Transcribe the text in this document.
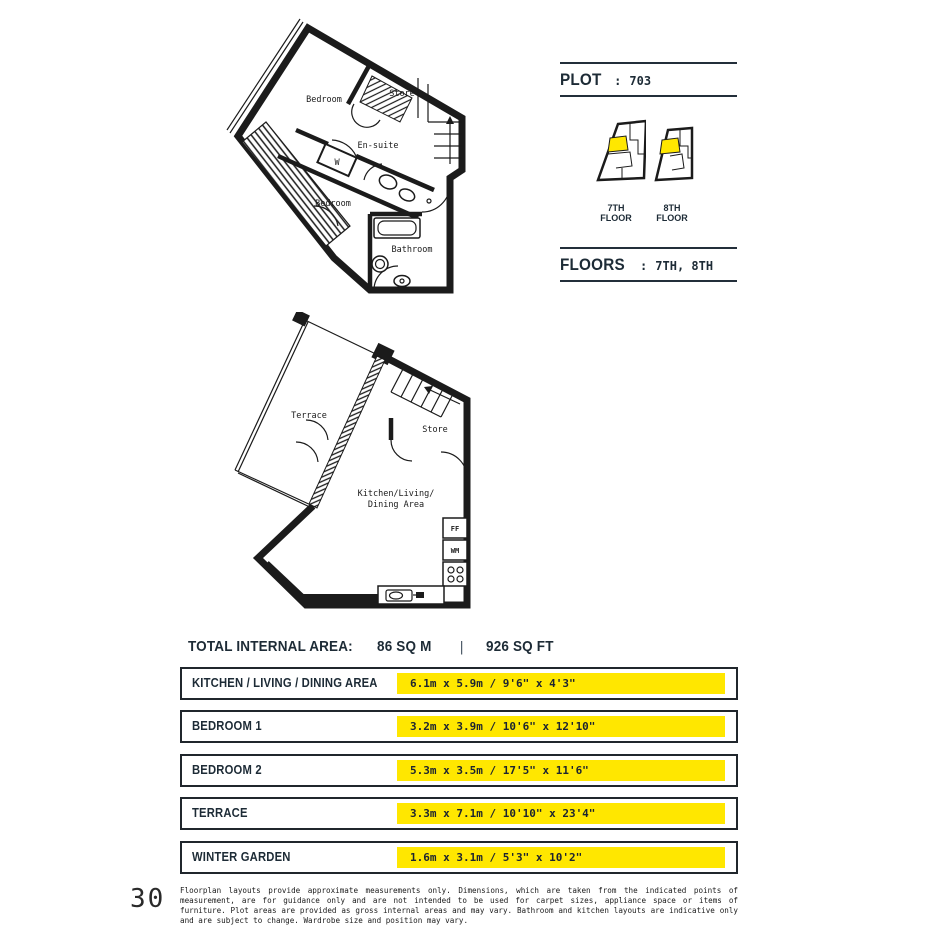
Bedroom
Store
En-suite
W
Bedroom
Bathroom
Terrace
Store
Kitchen/Living/
Dining Area
FF
WM
PLOT	: 703
7TH
FLOOR
8TH
FLOOR
FLOORS	: 7TH, 8TH
TOTAL INTERNAL AREA:	86 SQ M	| 926 SQ FT
KITCHEN / LIVING / DINING AREA	6.1m x 5.9m / 9'6" x 4'3"
BEDROOM 1	3.2m x 3.9m / 10'6" x 12'10"
BEDROOM 2	5.3m x 3.5m / 17'5" x 11'6"
TERRACE	3.3m x 7.1m / 10'10" x 23'4"
WINTER GARDEN	1.6m x 3.1m / 5'3" x 10'2"
30 Floorplan layouts provide approximate measurements only. Dimensions, which are taken from the indicated points of measurement, are for guidance only and are not intended to be used for carpet sizes, appliance space or items of furniture. Plot areas are provided as gross internal areas and may vary. Bathroom and kitchen layouts are indicative only and are subject to change. Wardrobe size and position may vary.
